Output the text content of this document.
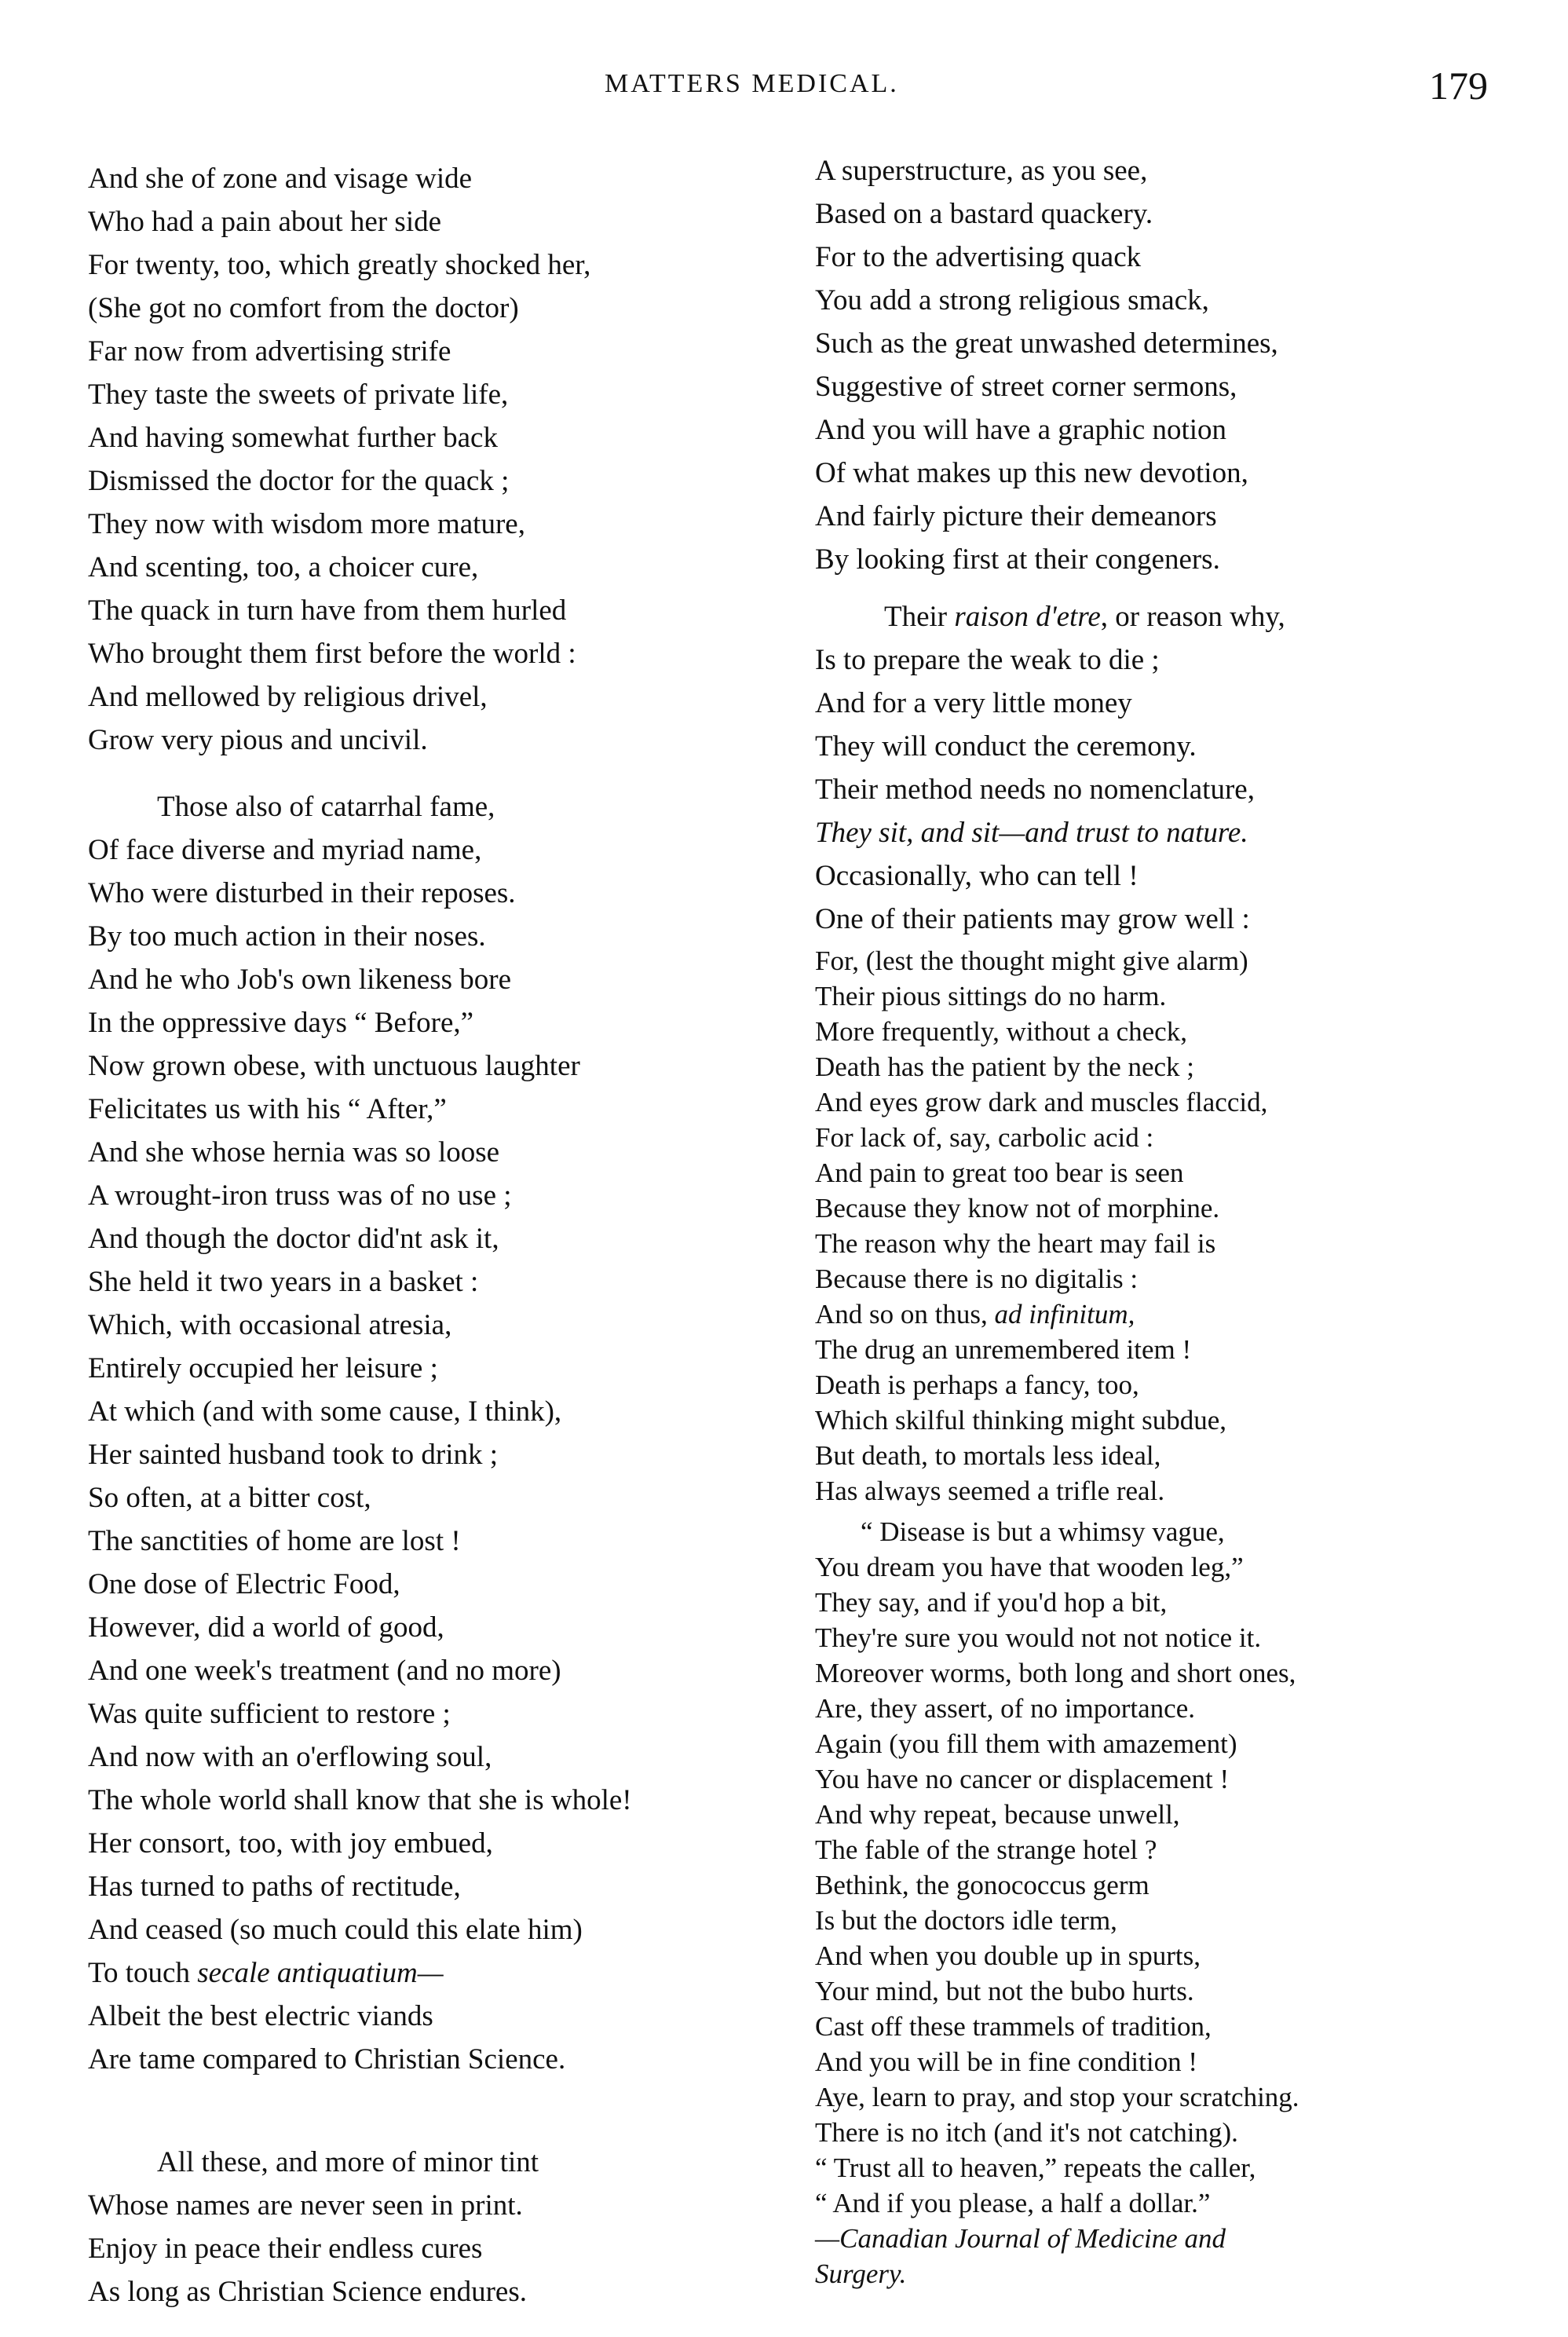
MATTERS MEDICAL.	179
And she of zone and visage wide
Who had a pain about her side
For twenty, too, which greatly shocked her,
(She got no comfort from the doctor)
Far now from advertising strife
They taste the sweets of private life,
And having somewhat further back
Dismissed the doctor for the quack ;
They now with wisdom more mature,
And scenting, too, a choicer cure,
The quack in turn have from them hurled
Who brought them first before the world :
And mellowed by religious drivel,
Grow very pious and uncivil.
Those also of catarrhal fame,
Of face diverse and myriad name,
Who were disturbed in their reposes.
By too much action in their noses.
And he who Job's own likeness bore
In the oppressive days “ Before,”
Now grown obese, with unctuous laughter
Felicitates us with his “ After,”
And she whose hernia was so loose
A wrought-iron truss was of no use ;
And though the doctor did'nt ask it,
She held it two years in a basket :
Which, with occasional atresia,
Entirely occupied her leisure ;
At which (and with some cause, I think),
Her sainted husband took to drink ;
So often, at a bitter cost,
The sanctities of home are lost !
One dose of Electric Food,
However, did a world of good,
And one week's treatment (and no more)
Was quite sufficient to restore ;
And now with an o'erflowing soul,
The whole world shall know that she is whole!
Her consort, too, with joy embued,
Has turned to paths of rectitude,
And ceased (so much could this elate him)
To touch secale antiquatium—
Albeit the best electric viands
Are tame compared to Christian Science.
All these, and more of minor tint
Whose names are never seen in print.
Enjoy in peace their endless cures
As long as Christian Science endures.
A superstructure, as you see,
Based on a bastard quackery.
For to the advertising quack
You add a strong religious smack,
Such as the great unwashed determines,
Suggestive of street corner sermons,
And you will have a graphic notion
Of what makes up this new devotion,
And fairly picture their demeanors
By looking first at their congeners.
Their raison d'etre, or reason why,
Is to prepare the weak to die ;
And for a very little money
They will conduct the ceremony.
Their method needs no nomenclature,
They sit, and sit—and trust to nature.
Occasionally, who can tell !
One of their patients may grow well :
For, (lest the thought might give alarm)
Their pious sittings do no harm.
More frequently, without a check,
Death has the patient by the neck ;
And eyes grow dark and muscles flaccid,
For lack of, say, carbolic acid :
And pain to great too bear is seen
Because they know not of morphine.
The reason why the heart may fail is
Because there is no digitalis :
And so on thus, ad infinitum,
The drug an unremembered item !
Death is perhaps a fancy, too,
Which skilful thinking might subdue,
But death, to mortals less ideal,
Has always seemed a trifle real.
“ Disease is but a whimsy vague,
You dream you have that wooden leg,”
They say, and if you'd hop a bit,
They're sure you would not not notice it.
Moreover worms, both long and short ones,
Are, they assert, of no importance.
Again (you fill them with amazement)
You have no cancer or displacement !
And why repeat, because unwell,
The fable of the strange hotel ?
Bethink, the gonococcus germ
Is but the doctors idle term,
And when you double up in spurts,
Your mind, but not the bubo hurts.
Cast off these trammels of tradition,
And you will be in fine condition !
Aye, learn to pray, and stop your scratching.
There is no itch (and it's not catching).
“ Trust all to heaven,” repeats the caller,
“ And if you please, a half a dollar.”
—Canadian Journal of Medicine and
Surgery.
